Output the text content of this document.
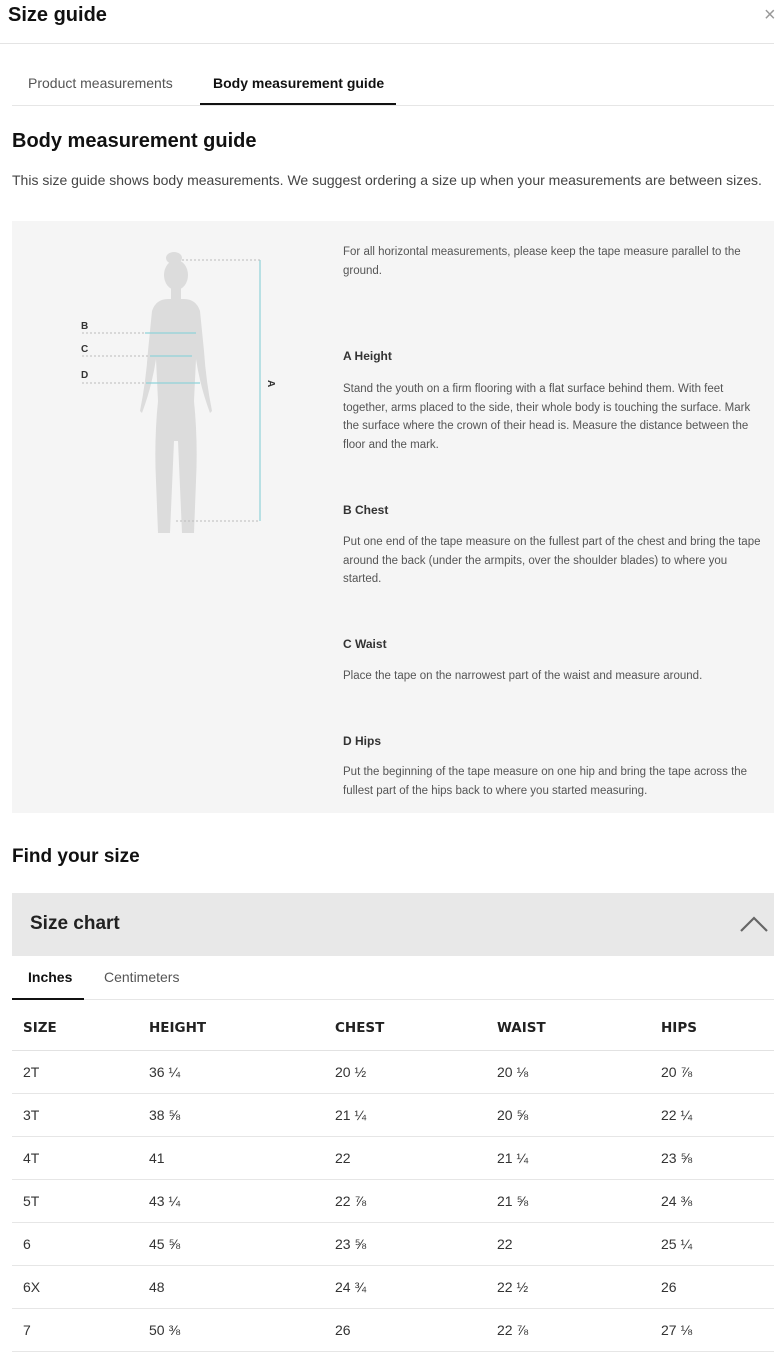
Size guide	×
Product measurements	Body measurement guide
Body measurement guide
This size guide shows body measurements. We suggest ordering a size up when your measurements are between sizes.
B
C
D
A

For all horizontal measurements, please keep the tape measure parallel to the ground.

A Height

Stand the youth on a firm flooring with a flat surface behind them. With feet together, arms placed to the side, their whole body is touching the surface. Mark the surface where the crown of their head is. Measure the distance between the floor and the mark.

B Chest

Put one end of the tape measure on the fullest part of the chest and bring the tape around the back (under the armpits, over the shoulder blades) to where you started.

C Waist

Place the tape on the narrowest part of the waist and measure around.

D Hips

Put the beginning of the tape measure on one hip and bring the tape across the fullest part of the hips back to where you started measuring.

Find your size
Size chart
Inches Centimeters
SIZE	HEIGHT	CHEST	WAIST	HIPS
2T	36 ¼	20 ½	20 ⅛	20 ⅞
3T	38 ⅝	21 ¼	20 ⅝	22 ¼
4T	41	22	21 ¼	23 ⅝
5T	43 ¼	22 ⅞	21 ⅝	24 ⅜
6	45 ⅝	23 ⅝	22	25 ¼
6X	48	24 ¾	22 ½	26
7	50 ⅜	26	22 ⅞	27 ⅛
